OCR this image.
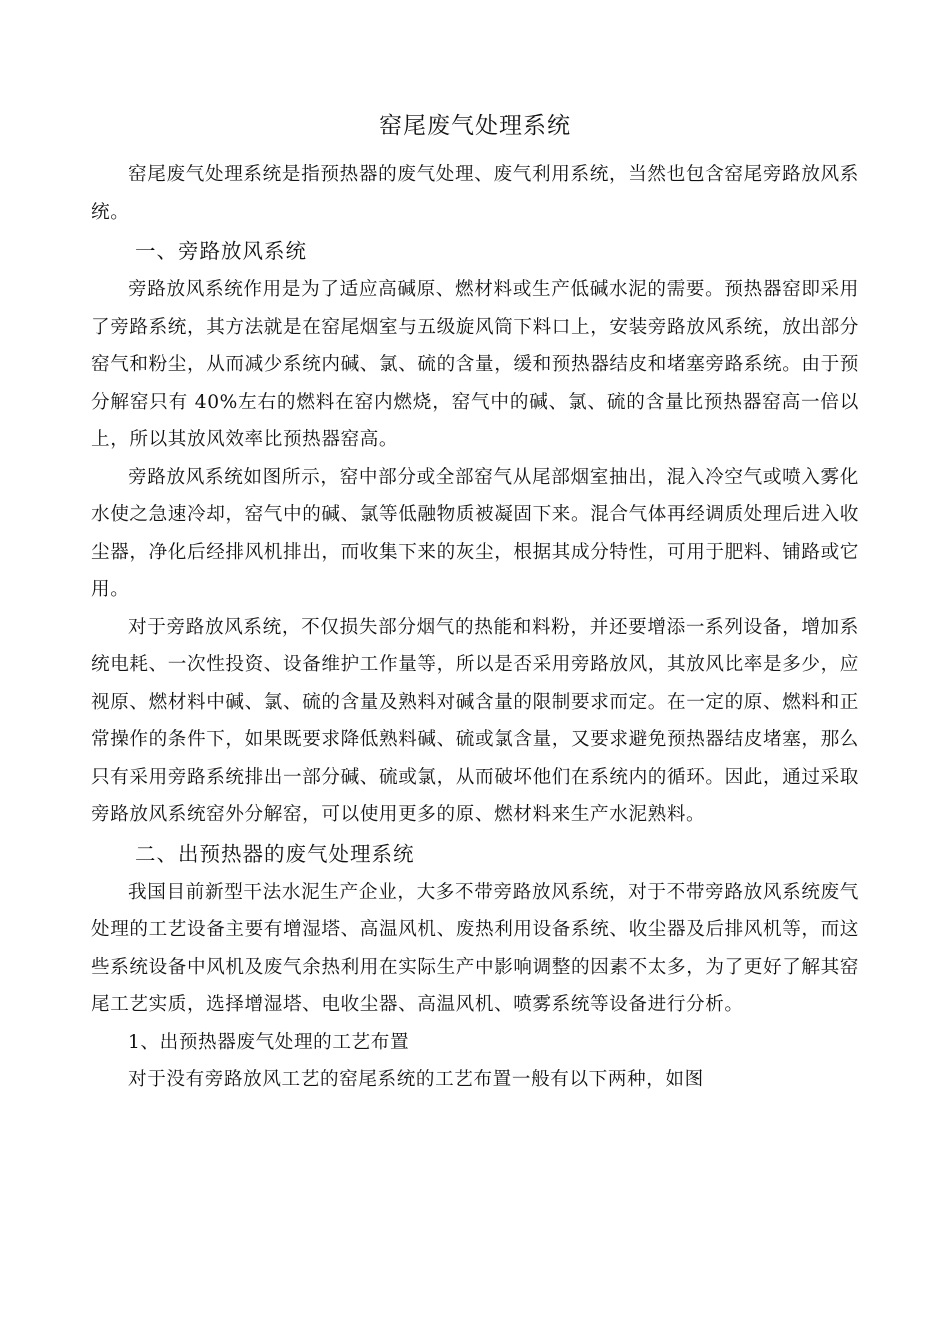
窑尾废气处理系统

窑尾废气处理系统是指预热器的废气处理、废气利用系统，当然也包含窑尾旁路放风系统。

一、旁路放风系统

旁路放风系统作用是为了适应高碱原、燃材料或生产低碱水泥的需要。预热器窑即采用了旁路系统，其方法就是在窑尾烟室与五级旋风筒下料口上，安装旁路放风系统，放出部分窑气和粉尘，从而减少系统内碱、氯、硫的含量，缓和预热器结皮和堵塞旁路系统。由于预分解窑只有 40%左右的燃料在窑内燃烧，窑气中的碱、氯、硫的含量比预热器窑高一倍以上，所以其放风效率比预热器窑高。

旁路放风系统如图所示，窑中部分或全部窑气从尾部烟室抽出，混入冷空气或喷入雾化水使之急速冷却，窑气中的碱、氯等低融物质被凝固下来。混合气体再经调质处理后进入收尘器，净化后经排风机排出，而收集下来的灰尘，根据其成分特性，可用于肥料、铺路或它用。

对于旁路放风系统，不仅损失部分烟气的热能和料粉，并还要增添一系列设备，增加系统电耗、一次性投资、设备维护工作量等，所以是否采用旁路放风，其放风比率是多少，应视原、燃材料中碱、氯、硫的含量及熟料对碱含量的限制要求而定。在一定的原、燃料和正常操作的条件下，如果既要求降低熟料碱、硫或氯含量，又要求避免预热器结皮堵塞，那么只有采用旁路系统排出一部分碱、硫或氯，从而破坏他们在系统内的循环。因此，通过采取旁路放风系统窑外分解窑，可以使用更多的原、燃材料来生产水泥熟料。

二、出预热器的废气处理系统

我国目前新型干法水泥生产企业，大多不带旁路放风系统，对于不带旁路放风系统废气处理的工艺设备主要有增湿塔、高温风机、废热利用设备系统、收尘器及后排风机等，而这些系统设备中风机及废气余热利用在实际生产中影响调整的因素不太多，为了更好了解其窑尾工艺实质，选择增湿塔、电收尘器、高温风机、喷雾系统等设备进行分析。

1、出预热器废气处理的工艺布置

对于没有旁路放风工艺的窑尾系统的工艺布置一般有以下两种，如图
